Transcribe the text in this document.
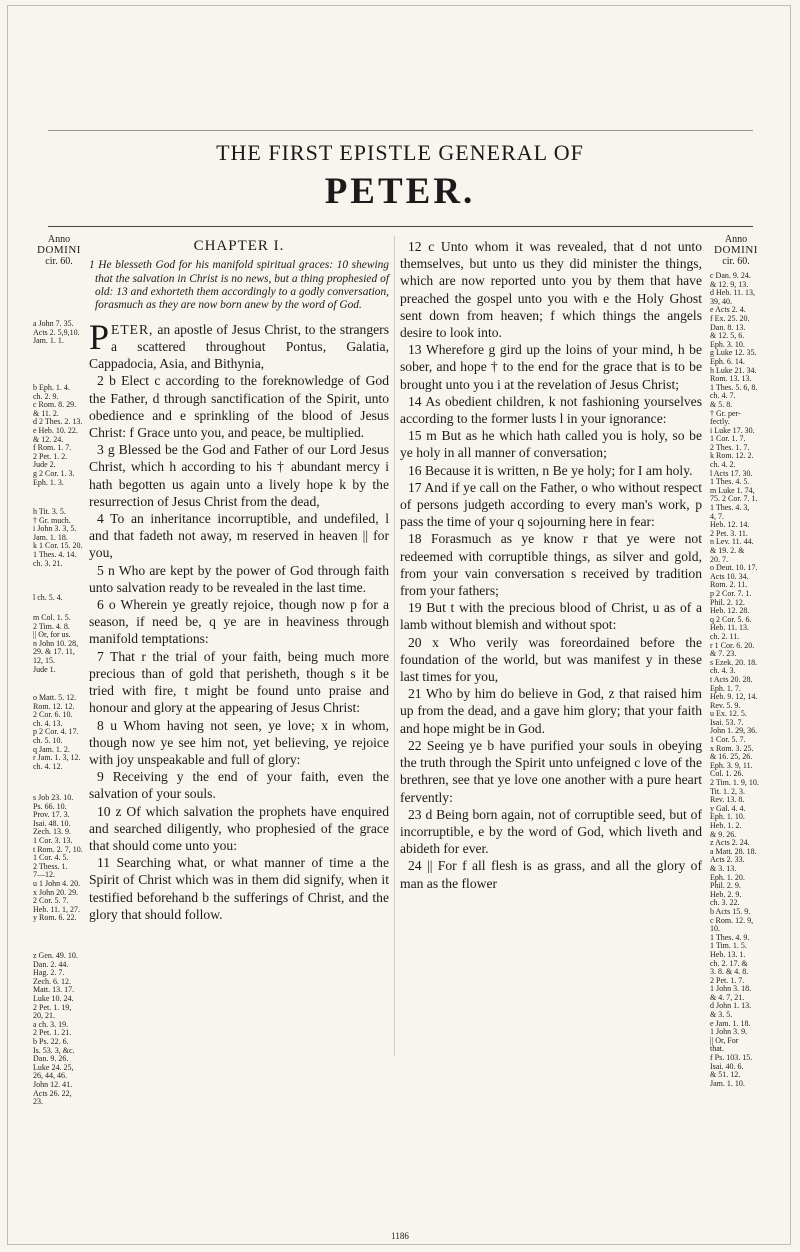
THE FIRST EPISTLE GENERAL OF
PETER.
Anno
DOMINI
cir. 60.
a John 7. 35.
Acts 2. 5,9,10.
Jam. 1. 1.
b Eph. 1. 4.
ch. 2. 9.
c Rom. 8. 29.
& 11. 2.
d 2 Thes. 2. 13.
e Heb. 10. 22.
& 12. 24.
f Rom. 1. 7.
2 Pet. 1. 2.
Jude 2.
g 2 Cor. 1. 3.
Eph. 1. 3.
h Tit. 3. 5.
† Gr. much.
i John 3. 3, 5.
Jam. 1. 18.
k 1 Cor. 15. 20.
1 Thes. 4. 14.
ch. 3. 21.
l ch. 5. 4.
m Col. 1. 5.
2 Tim. 4. 8.
|| Or, for us.
n John 10. 28,
29. & 17. 11,
12, 15.
Jude 1.
o Matt. 5. 12.
Rom. 12. 12.
2 Cor. 6. 10.
ch. 4. 13.
p 2 Cor. 4. 17.
ch. 5. 10.
q Jam. 1. 2.
r Jam. 1. 3, 12.
ch. 4. 12.
s Job 23. 10.
Ps. 66. 10.
Prov. 17. 3.
Isai. 48. 10.
Zech. 13. 9.
1 Cor. 3. 13.
t Rom. 2. 7, 10.
1 Cor. 4. 5.
2 Thess. 1.
7—12.
u 1 John 4. 20.
x John 20. 29.
2 Cor. 5. 7.
Heb. 11. 1, 27.
y Rom. 6. 22.
z Gen. 49. 10.
Dan. 2. 44.
Hag. 2. 7.
Zech. 6. 12.
Matt. 13. 17.
Luke 10. 24.
2 Pet. 1. 19,
20, 21.
a ch. 3. 19.
2 Pet. 1. 21.
b Ps. 22. 6.
Is. 53. 3, &c.
Dan. 9. 26.
Luke 24. 25,
26, 44, 46.
John 12. 41.
Acts 26. 22,
23.
CHAPTER I.
1 He blesseth God for his manifold spiritual graces: 10 shewing that the salvation in Christ is no news, but a thing prophesied of old: 13 and exhorteth them accordingly to a godly conversation, forasmuch as they are now born anew by the word of God.

PETER, an apostle of Jesus Christ, to the strangers a scattered throughout Pontus, Galatia, Cappadocia, Asia, and Bithynia,

2 b Elect c according to the foreknowledge of God the Father, d through sanctification of the Spirit, unto obedience and e sprinkling of the blood of Jesus Christ: f Grace unto you, and peace, be multiplied.

3 g Blessed be the God and Father of our Lord Jesus Christ, which h according to his † abundant mercy i hath begotten us again unto a lively hope k by the resurrection of Jesus Christ from the dead,

4 To an inheritance incorruptible, and undefiled, l and that fadeth not away, m reserved in heaven || for you,

5 n Who are kept by the power of God through faith unto salvation ready to be revealed in the last time.

6 o Wherein ye greatly rejoice, though now p for a season, if need be, q ye are in heaviness through manifold temptations:

7 That r the trial of your faith, being much more precious than of gold that perisheth, though s it be tried with fire, t might be found unto praise and honour and glory at the appearing of Jesus Christ:

8 u Whom having not seen, ye love; x in whom, though now ye see him not, yet believing, ye rejoice with joy unspeakable and full of glory:

9 Receiving y the end of your faith, even the salvation of your souls.

10 z Of which salvation the prophets have enquired and searched diligently, who prophesied of the grace that should come unto you:

11 Searching what, or what manner of time a the Spirit of Christ which was in them did signify, when it testified beforehand b the sufferings of Christ, and the glory that should follow.

12 c Unto whom it was revealed, that d not unto themselves, but unto us they did minister the things, which are now reported unto you by them that have preached the gospel unto you with e the Holy Ghost sent down from heaven; f which things the angels desire to look into.

13 Wherefore g gird up the loins of your mind, h be sober, and hope † to the end for the grace that is to be brought unto you i at the revelation of Jesus Christ;

14 As obedient children, k not fashioning yourselves according to the former lusts l in your ignorance:

15 m But as he which hath called you is holy, so be ye holy in all manner of conversation;

16 Because it is written, n Be ye holy; for I am holy.

17 And if ye call on the Father, o who without respect of persons judgeth according to every man's work, p pass the time of your q sojourning here in fear:

18 Forasmuch as ye know r that ye were not redeemed with corruptible things, as silver and gold, from your vain conversation s received by tradition from your fathers;

19 But t with the precious blood of Christ, u as of a lamb without blemish and without spot:

20 x Who verily was foreordained before the foundation of the world, but was manifest y in these last times for you,

21 Who by him do believe in God, z that raised him up from the dead, and a gave him glory; that your faith and hope might be in God.

22 Seeing ye b have purified your souls in obeying the truth through the Spirit unto unfeigned c love of the brethren, see that ye love one another with a pure heart fervently:

23 d Being born again, not of corruptible seed, but of incorruptible, e by the word of God, which liveth and abideth for ever.

24 || For f all flesh is as grass, and all the glory of man as the flower

Anno
DOMINI
cir. 60.
c Dan. 9. 24.
& 12. 9, 13.
d Heb. 11. 13,
39, 40.
e Acts 2. 4.
f Ex. 25. 20.
Dan. 8. 13.
& 12. 5, 6.
Eph. 3. 10.
g Luke 12. 35.
Eph. 6. 14.
h Luke 21. 34.
Rom. 13. 13.
1 Thes. 5. 6, 8.
ch. 4. 7.
& 5. 8.
† Gr. per-
fectly.
i Luke 17. 30.
1 Cor. 1. 7.
2 Thes. 1. 7.
k Rom. 12. 2.
ch. 4. 2.
l Acts 17. 30.
1 Thes. 4. 5.
m Luke 1. 74,
75. 2 Cor. 7. 1.
1 Thes. 4. 3,
4, 7.
Heb. 12. 14.
2 Pet. 3. 11.
n Lev. 11. 44.
& 19. 2. &
20. 7.
o Deut. 10. 17.
Acts 10. 34.
Rom. 2. 11.
p 2 Cor. 7. 1.
Phil. 2. 12.
Heb. 12. 28.
q 2 Cor. 5. 6.
Heb. 11. 13.
ch. 2. 11.
r 1 Cor. 6. 20.
& 7. 23.
s Ezek. 20. 18.
ch. 4. 3.
t Acts 20. 28.
Eph. 1. 7.
Heb. 9. 12, 14.
Rev. 5. 9.
u Ex. 12. 5.
Isai. 53. 7.
John 1. 29, 36.
1 Cor. 5. 7.
x Rom. 3. 25.
& 16. 25, 26.
Eph. 3. 9, 11.
Col. 1. 26.
2 Tim. 1. 9, 10.
Tit. 1. 2, 3.
Rev. 13. 8.
y Gal. 4. 4.
Eph. 1. 10.
Heb. 1. 2.
& 9. 26.
z Acts 2. 24.
a Matt. 28. 18.
Acts 2. 33.
& 3. 13.
Eph. 1. 20.
Phil. 2. 9.
Heb. 2. 9.
ch. 3. 22.
b Acts 15. 9.
c Rom. 12. 9,
10.
1 Thes. 4. 9.
1 Tim. 1. 5.
Heb. 13. 1.
ch. 2. 17. &
3. 8. & 4. 8.
2 Pet. 1. 7.
1 John 3. 18.
& 4. 7, 21.
d John 1. 13.
& 3. 5.
e Jam. 1. 18.
1 John 3. 9.
|| Or, For
that.
f Ps. 103. 15.
Isai. 40. 6.
& 51. 12.
Jam. 1. 10.
1186
